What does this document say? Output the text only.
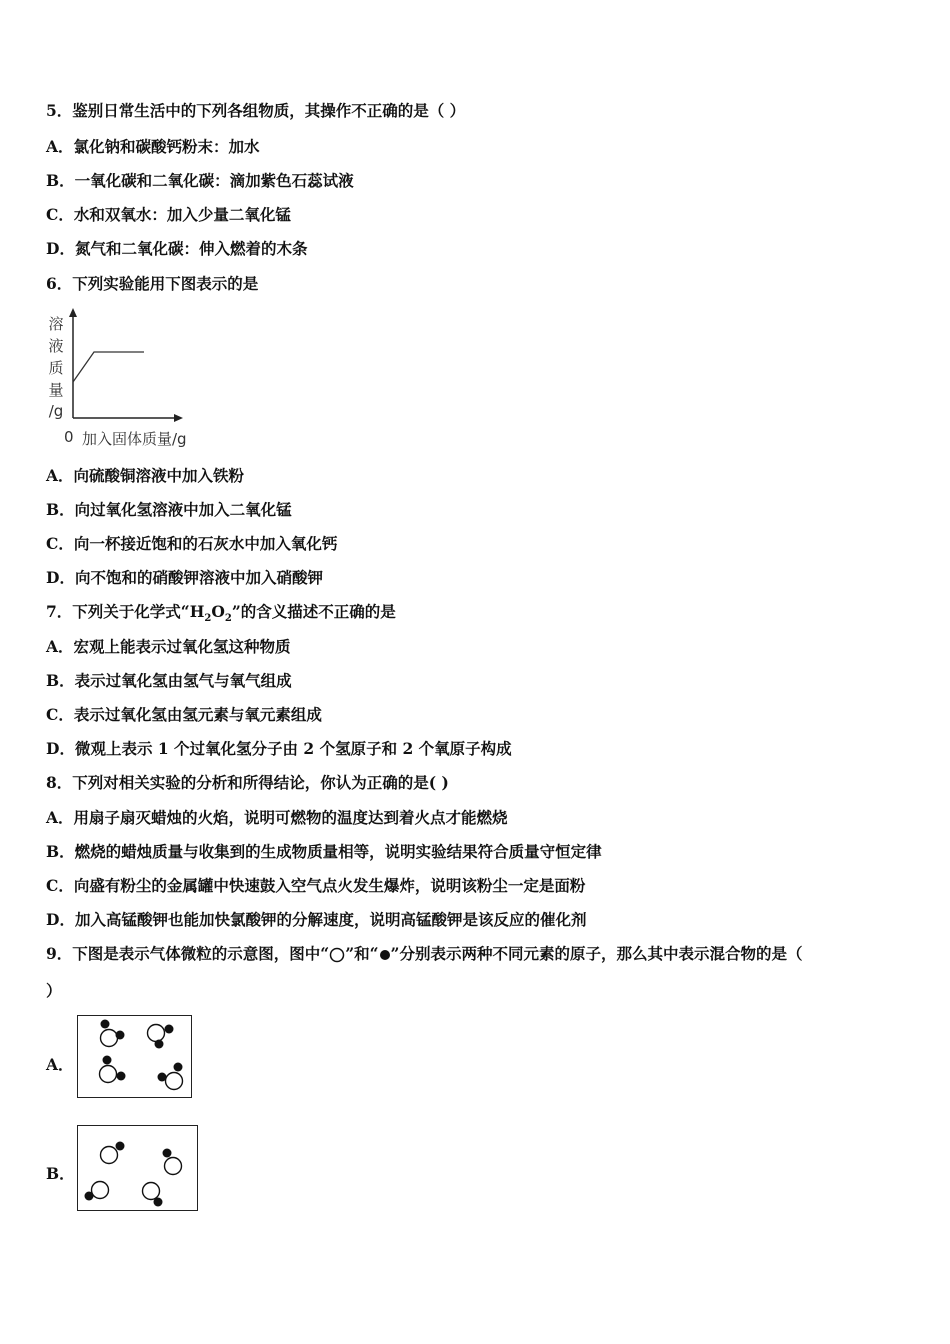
5．鉴别日常生活中的下列各组物质，其操作不正确的是（ ）
A．氯化钠和碳酸钙粉末：加水
B．一氧化碳和二氧化碳：滴加紫色石蕊试液
C．水和双氧水：加入少量二氧化锰
D．氮气和二氧化碳：伸入燃着的木条
6．下列实验能用下图表示的是
溶
液
质
量
/g
0 加入固体质量/g
A．向硫酸铜溶液中加入铁粉
B．向过氧化氢溶液中加入二氧化锰
C．向一杯接近饱和的石灰水中加入氧化钙
D．向不饱和的硝酸钾溶液中加入硝酸钾
7．下列关于化学式“$H_2O_2$”的含义描述不正确的是
A．宏观上能表示过氧化氢这种物质
B．表示过氧化氢由氢气与氧气组成
C．表示过氧化氢由氢元素与氧元素组成
D．微观上表示 1 个过氧化氢分子由 2 个氢原子和 2 个氧原子构成
8．下列对相关实验的分析和所得结论，你认为正确的是( )
A．用扇子扇灭蜡烛的火焰，说明可燃物的温度达到着火点才能燃烧
B．燃烧的蜡烛质量与收集到的生成物质量相等，说明实验结果符合质量守恒定律
C．向盛有粉尘的金属罐中快速鼓入空气点火发生爆炸，说明该粉尘一定是面粉
D．加入高锰酸钾也能加快氯酸钾的分解速度，说明高锰酸钾是该反应的催化剂
9．下图是表示气体微粒的示意图，图中“ ”和“ ”分别表示两种不同元素的原子，那么其中表示混合物的是（
）
A．
B．
